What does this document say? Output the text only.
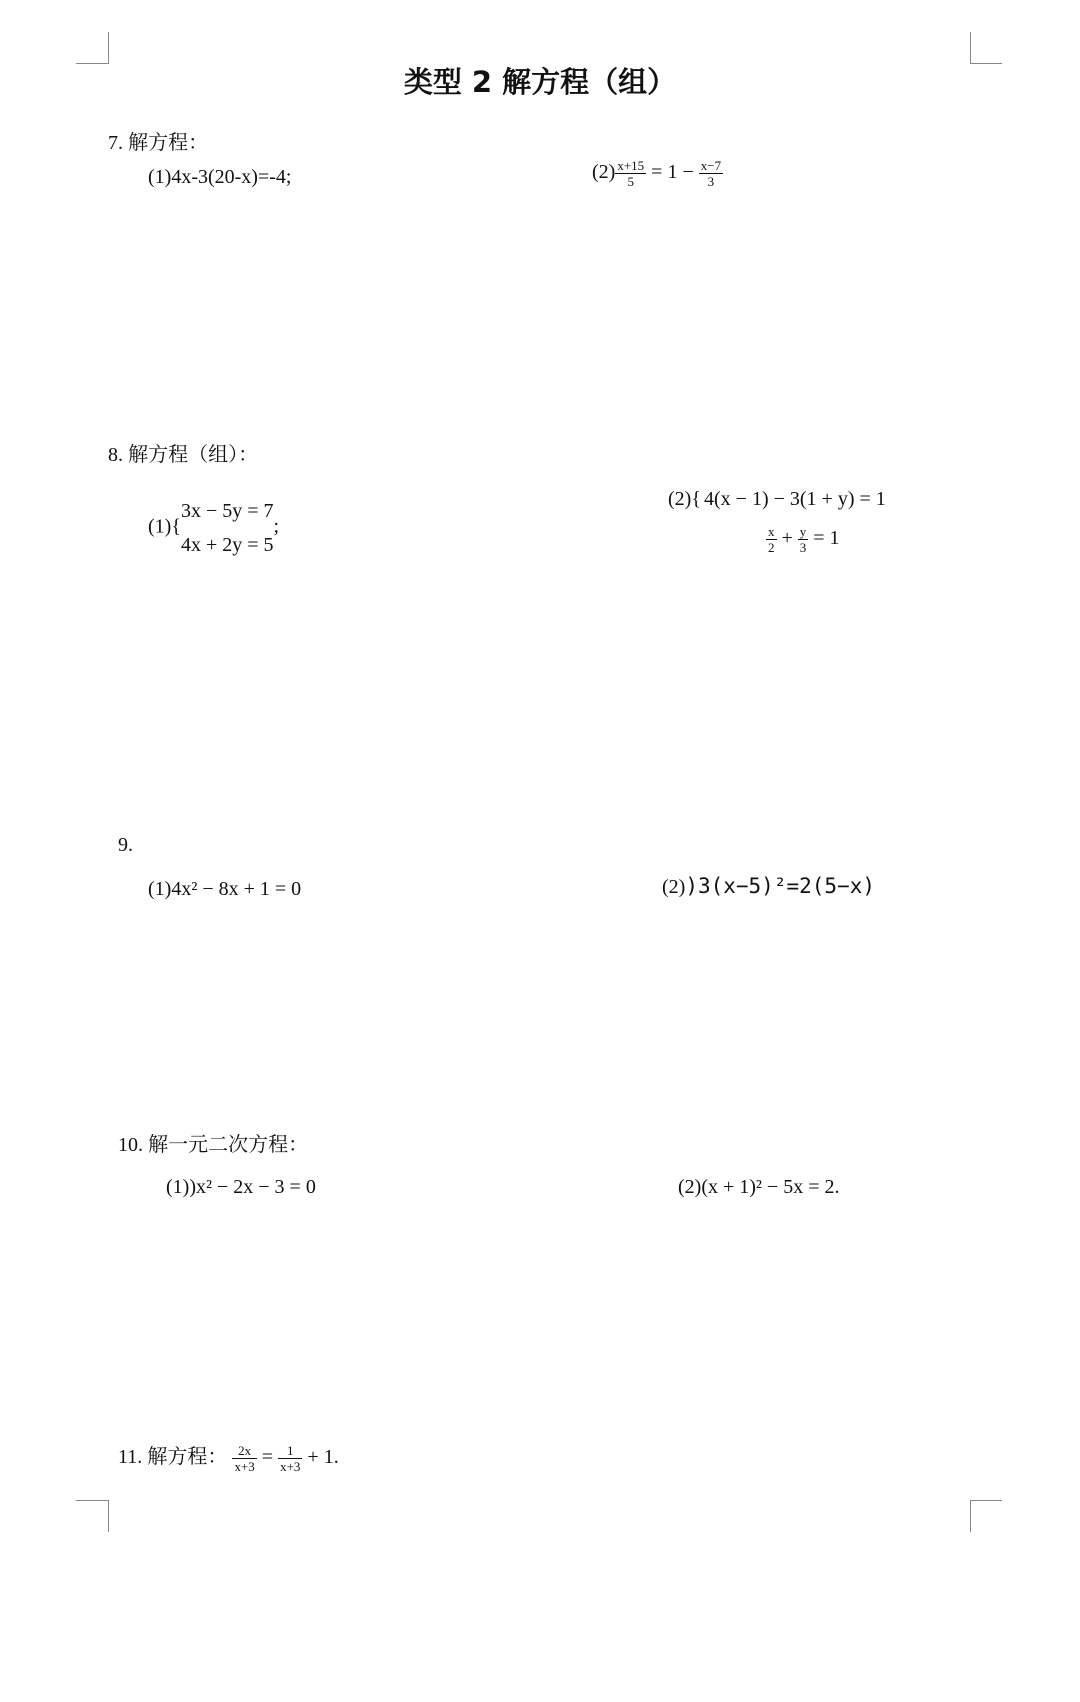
类型 2 解方程（组）
7. 解方程：
(1)4x-3(20-x)=-4;	$(2) \frac{x+15}{5} = 1 - \frac{x-7}{3}$
8. 解方程（组）：
(1){
3x − 5y = 7
4x + 2y = 5
;
(2){ 4(x − 1) − 3(1 + y) = 1
$\frac{x}{2} + \frac{y}{3} = 1$
9.
(1)4x² − 8x + 1 = 0	(2))3(x−5)²=2(5−x)
10. 解一元二次方程：
(1))x² − 2x − 3 = 0	(2)(x + 1)² − 5x = 2.
11. 解方程： $\frac{2x}{x+3} = \frac{1}{x+3} + 1$.
